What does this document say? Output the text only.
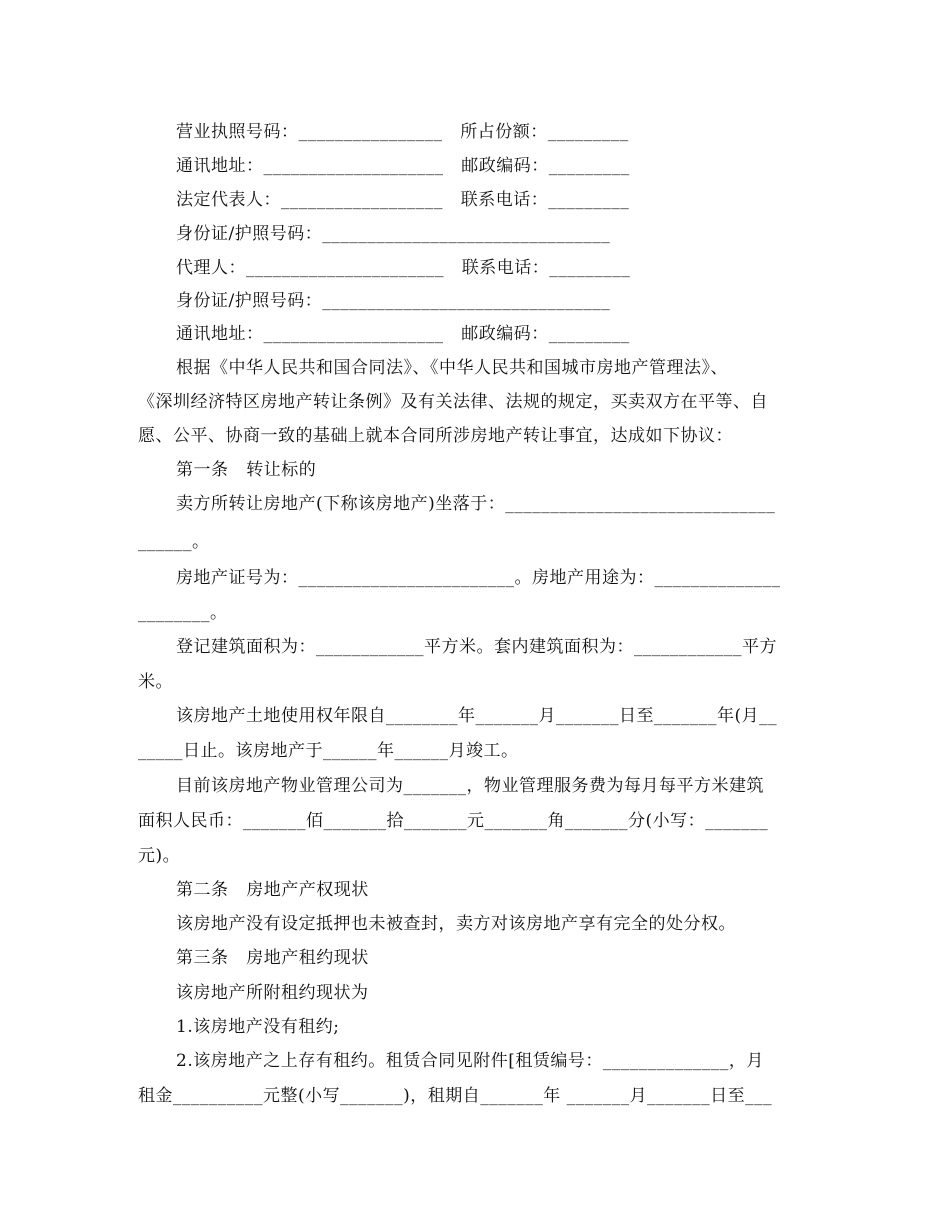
营业执照号码：________________   所占份额：_________
通讯地址：____________________   邮政编码：_________
法定代表人：__________________   联系电话：_________
身份证/护照号码：________________________________
代理人：______________________   联系电话：_________
身份证/护照号码：________________________________
通讯地址：____________________   邮政编码：_________
根据《中华人民共和国合同法》、《中华人民共和国城市房地产管理法》、
《深圳经济特区房地产转让条例》及有关法律、法规的规定，买卖双方在平等、自
愿、公平、协商一致的基础上就本合同所涉房地产转让事宜，达成如下协议：
第一条   转让标的
卖方所转让房地产(下称该房地产)坐落于：______________________________
______。
房地产证号为：________________________。房地产用途为：______________
________。
登记建筑面积为：____________平方米。套内建筑面积为：____________平方
米。
该房地产土地使用权年限自________年_______月_______日至_______年(月__
_____日止。该房地产于______年______月竣工。
目前该房地产物业管理公司为_______，物业管理服务费为每月每平方米建筑
面积人民币：_______佰_______拾_______元_______角_______分(小写：_______
元)。
第二条   房地产产权现状
该房地产没有设定抵押也未被查封，卖方对该房地产享有完全的处分权。
第三条   房地产租约现状
该房地产所附租约现状为
1.该房地产没有租约;
2.该房地产之上存有租约。租赁合同见附件[租赁编号：______________，月
租金__________元整(小写_______)，租期自_______年 _______月_______日至___
